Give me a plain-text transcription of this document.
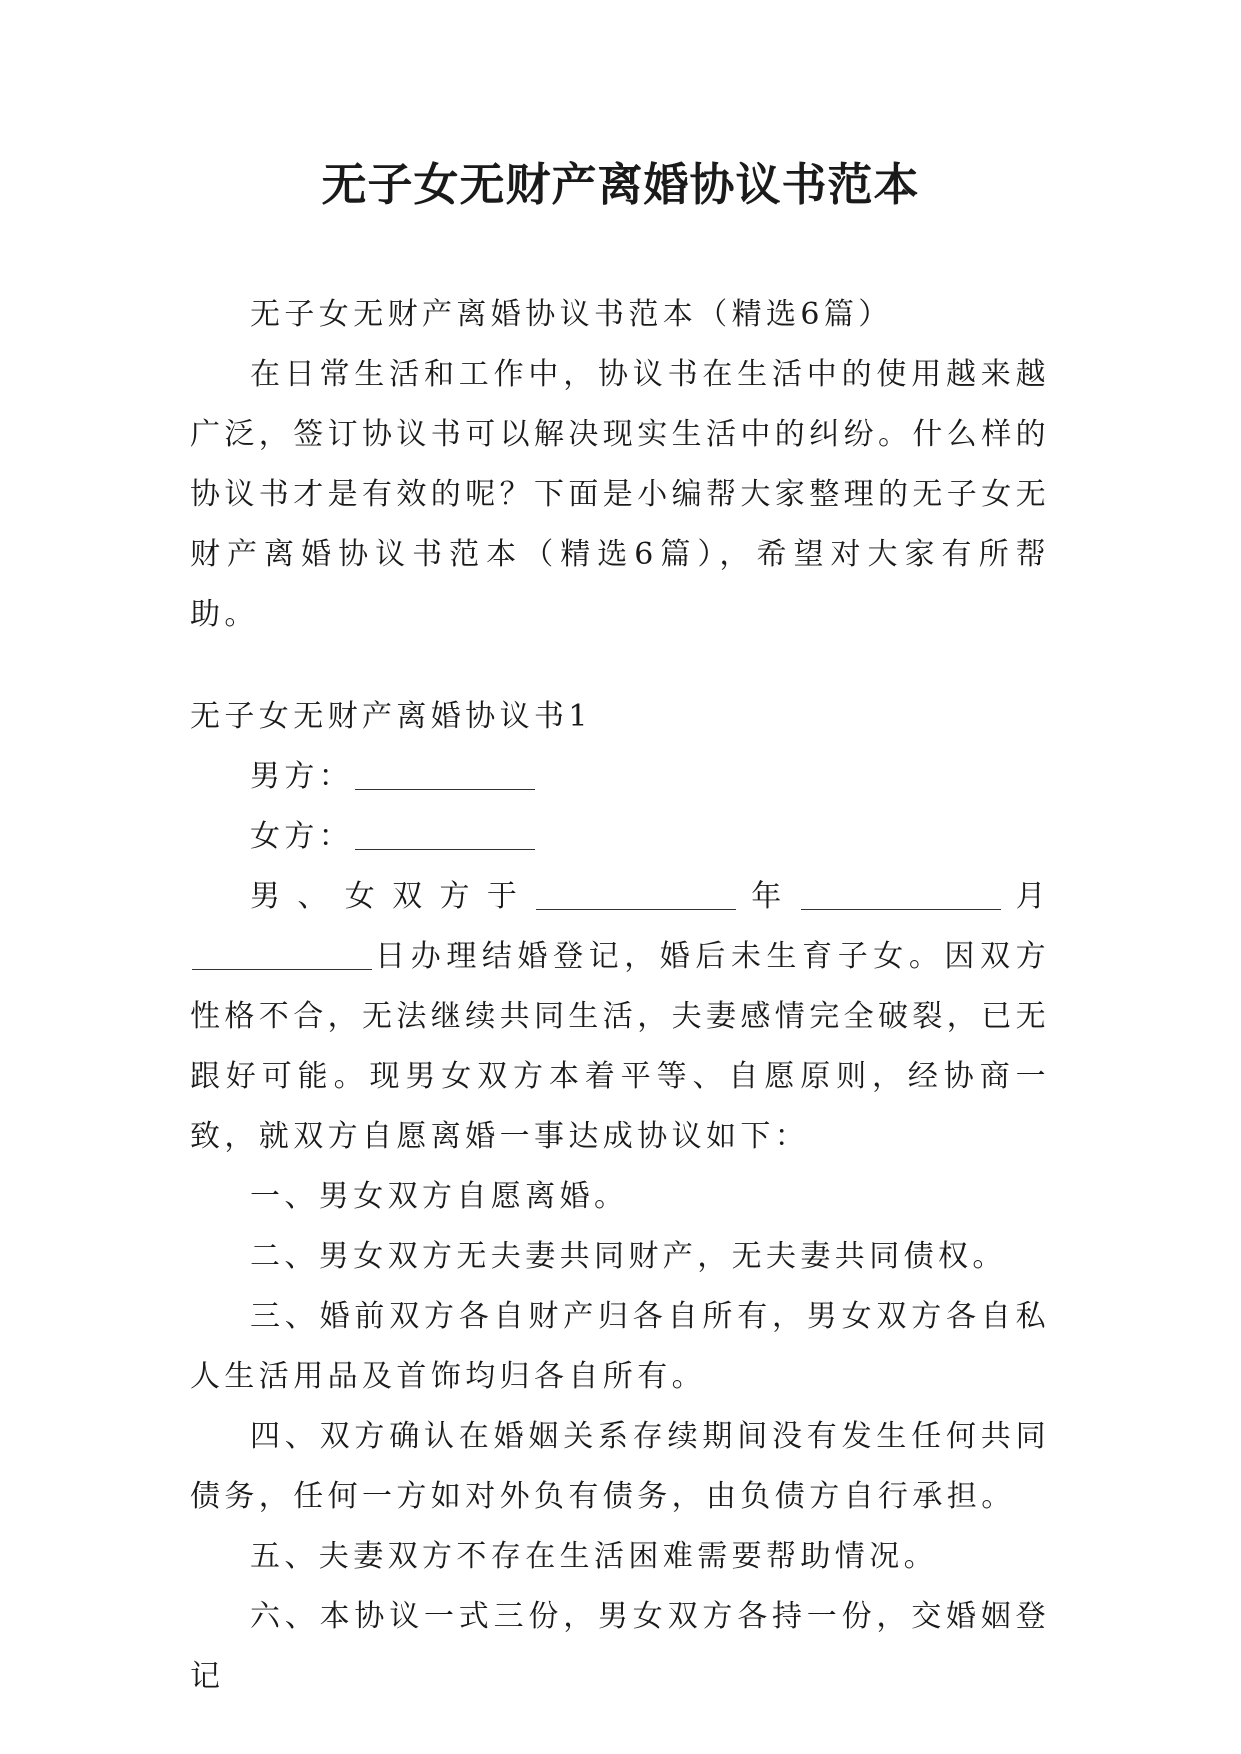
无子女无财产离婚协议书范本

无子女无财产离婚协议书范本（精选6篇）

在日常生活和工作中，协议书在生活中的使用越来越广泛，签订协议书可以解决现实生活中的纠纷。什么样的协议书才是有效的呢？下面是小编帮大家整理的无子女无财产离婚协议书范本（精选6篇），希望对大家有所帮助。

无子女无财产离婚协议书1

男方：

女方：

男、女双方于	年	月日办理结婚登记，婚后未生育子女。因双方性格不合，无法继续共同生活，夫妻感情完全破裂，已无跟好可能。现男女双方本着平等、自愿原则，经协商一致，就双方自愿离婚一事达成协议如下：

一、男女双方自愿离婚。

二、男女双方无夫妻共同财产，无夫妻共同债权。

三、婚前双方各自财产归各自所有，男女双方各自私人生活用品及首饰均归各自所有。

四、双方确认在婚姻关系存续期间没有发生任何共同债务，任何一方如对外负有债务，由负债方自行承担。

五、夫妻双方不存在生活困难需要帮助情况。

六、本协议一式三份，男女双方各持一份，交婚姻登记
